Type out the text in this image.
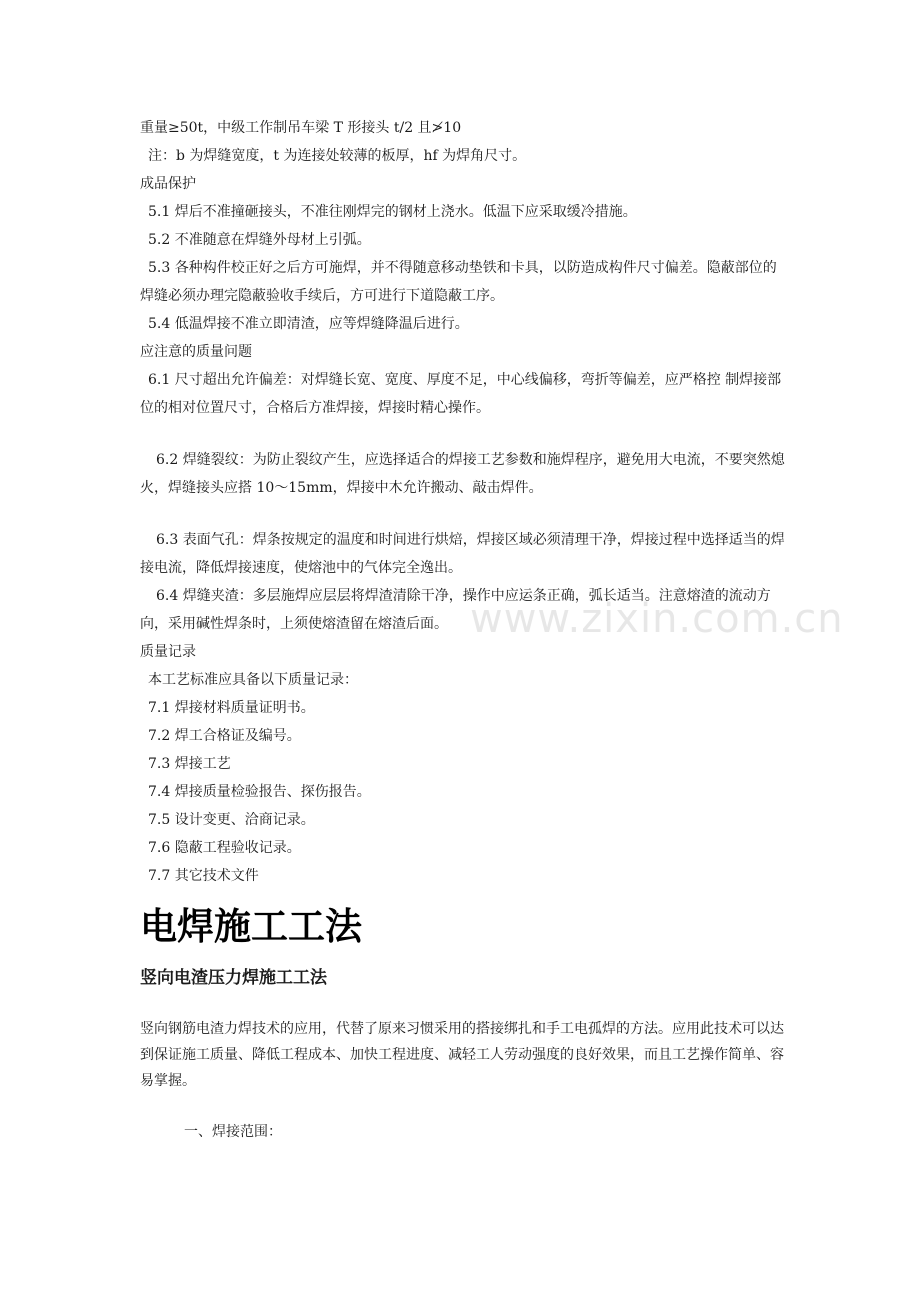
重量≥50t，中级工作制吊车梁 T 形接头 t/2 且≯10

注：b 为焊缝宽度，t 为连接处较薄的板厚，hf 为焊角尺寸。

成品保护

5.1 焊后不准撞砸接头，不准往刚焊完的钢材上浇水。低温下应采取缓冷措施。

5.2 不准随意在焊缝外母材上引弧。

5.3 各种构件校正好之后方可施焊，并不得随意移动垫铁和卡具，以防造成构件尺寸偏差。隐蔽部位的焊缝必须办理完隐蔽验收手续后，方可进行下道隐蔽工序。

5.4 低温焊接不准立即清渣，应等焊缝降温后进行。

应注意的质量问题

6.1 尺寸超出允许偏差：对焊缝长宽、宽度、厚度不足，中心线偏移，弯折等偏差，应严格控 制焊接部位的相对位置尺寸，合格后方准焊接，焊接时精心操作。

6.2 焊缝裂纹：为防止裂纹产生，应选择适合的焊接工艺参数和施焊程序，避免用大电流，不要突然熄火，焊缝接头应搭 10～15mm，焊接中木允许搬动、敲击焊件。

6.3 表面气孔：焊条按规定的温度和时间进行烘焙，焊接区域必须清理干净，焊接过程中选择适当的焊接电流，降低焊接速度，使熔池中的气体完全逸出。

6.4 焊缝夹渣：多层施焊应层层将焊渣清除干净，操作中应运条正确，弧长适当。注意熔渣的流动方向，采用碱性焊条时，上须使熔渣留在熔渣后面。

质量记录

本工艺标准应具备以下质量记录：

7.1 焊接材料质量证明书。

7.2 焊工合格证及编号。

7.3 焊接工艺

7.4 焊接质量检验报告、探伤报告。

7.5 设计变更、洽商记录。

7.6 隐蔽工程验收记录。

7.7 其它技术文件

电焊施工工法
竖向电渣压力焊施工工法

竖向钢筋电渣力焊技术的应用，代替了原来习惯采用的搭接绑扎和手工电孤焊的方法。应用此技术可以达到保证施工质量、降低工程成本、加快工程进度、减轻工人劳动强度的良好效果，而且工艺操作简单、容易掌握。

一、焊接范围：

www.zixin.com.cn
